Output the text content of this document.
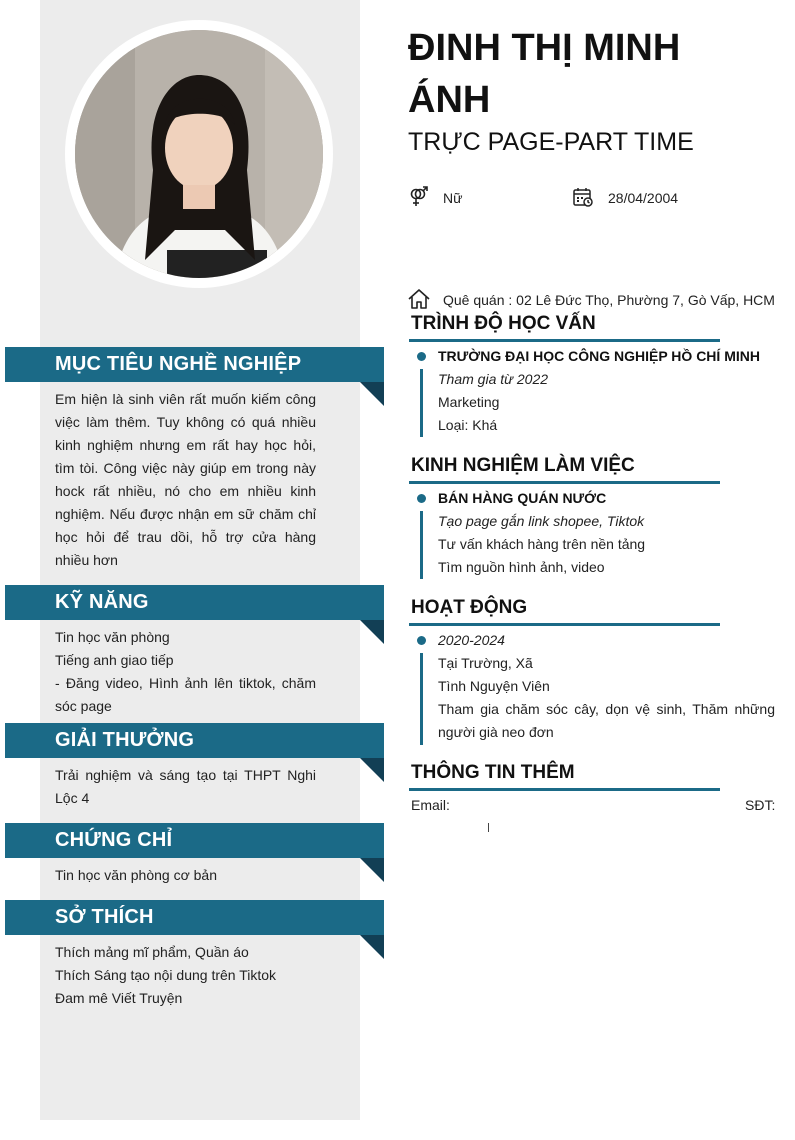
MỤC TIÊU NGHỀ NGHIỆP
Em hiện là sinh viên rất muốn kiếm công việc làm thêm. Tuy không có quá nhiều kinh nghiệm nhưng em rất hay học hỏi, tìm tòi. Công việc này giúp em trong này hock rất nhiều, nó cho em nhiều kinh nghiệm. Nếu được nhận em sữ chăm chỉ học hỏi để trau dồi, hỗ trợ cửa hàng nhiều hơn
KỸ NĂNG
Tin học văn phòng
Tiếng anh giao tiếp
- Đăng video, Hình ảnh lên tiktok, chăm sóc page
GIẢI THƯỞNG
Trải nghiệm và sáng tạo tại THPT Nghi Lộc 4
CHỨNG CHỈ
Tin học văn phòng cơ bản
SỞ THÍCH
Thích mảng mĩ phẩm, Quần áo
Thích Sáng tạo nội dung trên Tiktok
Đam mê Viết Truyện
ĐINH THỊ MINH ÁNH
TRỰC PAGE-PART TIME
Nữ	28/04/2004
Quê quán : 02 Lê Đức Thọ, Phường 7, Gò Vấp, HCM
TRÌNH ĐỘ HỌC VẤN
TRƯỜNG ĐẠI HỌC CÔNG NGHIỆP HỒ CHÍ MINH
Tham gia từ 2022
Marketing
Loại: Khá
KINH NGHIỆM LÀM VIỆC
BÁN HÀNG QUÁN NƯỚC
Tạo page gắn link shopee, Tiktok
Tư vấn khách hàng trên nền tảng
Tìm nguồn hình ảnh, video
HOẠT ĐỘNG
2020-2024
Tại Trường, Xã
Tình Nguyện Viên
Tham gia chăm sóc cây, dọn vệ sinh, Thăm những người già neo đơn
THÔNG TIN THÊM
Email:	SĐT:
